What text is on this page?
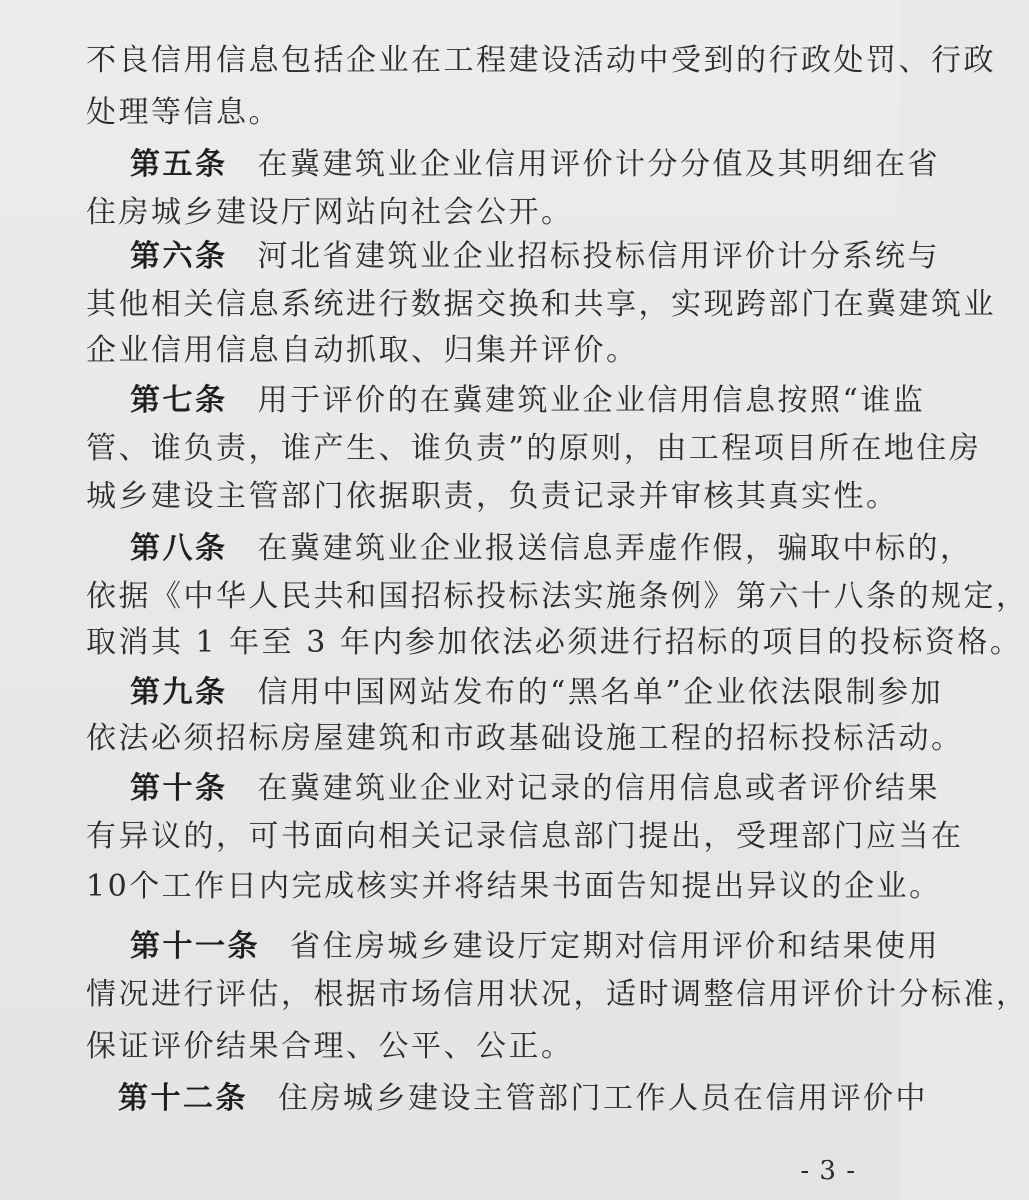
不良信用信息包括企业在工程建设活动中受到的行政处罚、行政
处理等信息。
第五条 在冀建筑业企业信用评价计分分值及其明细在省
住房城乡建设厅网站向社会公开。
第六条 河北省建筑业企业招标投标信用评价计分系统与
其他相关信息系统进行数据交换和共享，实现跨部门在冀建筑业
企业信用信息自动抓取、归集并评价。
第七条 用于评价的在冀建筑业企业信用信息按照“谁监
管、谁负责，谁产生、谁负责”的原则，由工程项目所在地住房
城乡建设主管部门依据职责，负责记录并审核其真实性。
第八条 在冀建筑业企业报送信息弄虚作假，骗取中标的，
依据《中华人民共和国招标投标法实施条例》第六十八条的规定，
取消其 1 年至 3 年内参加依法必须进行招标的项目的投标资格。
第九条 信用中国网站发布的“黑名单”企业依法限制参加
依法必须招标房屋建筑和市政基础设施工程的招标投标活动。
第十条 在冀建筑业企业对记录的信用信息或者评价结果
有异议的，可书面向相关记录信息部门提出，受理部门应当在
10个工作日内完成核实并将结果书面告知提出异议的企业。
第十一条 省住房城乡建设厅定期对信用评价和结果使用
情况进行评估，根据市场信用状况，适时调整信用评价计分标准，
保证评价结果合理、公平、公正。
第十二条 住房城乡建设主管部门工作人员在信用评价中
- 3 -
